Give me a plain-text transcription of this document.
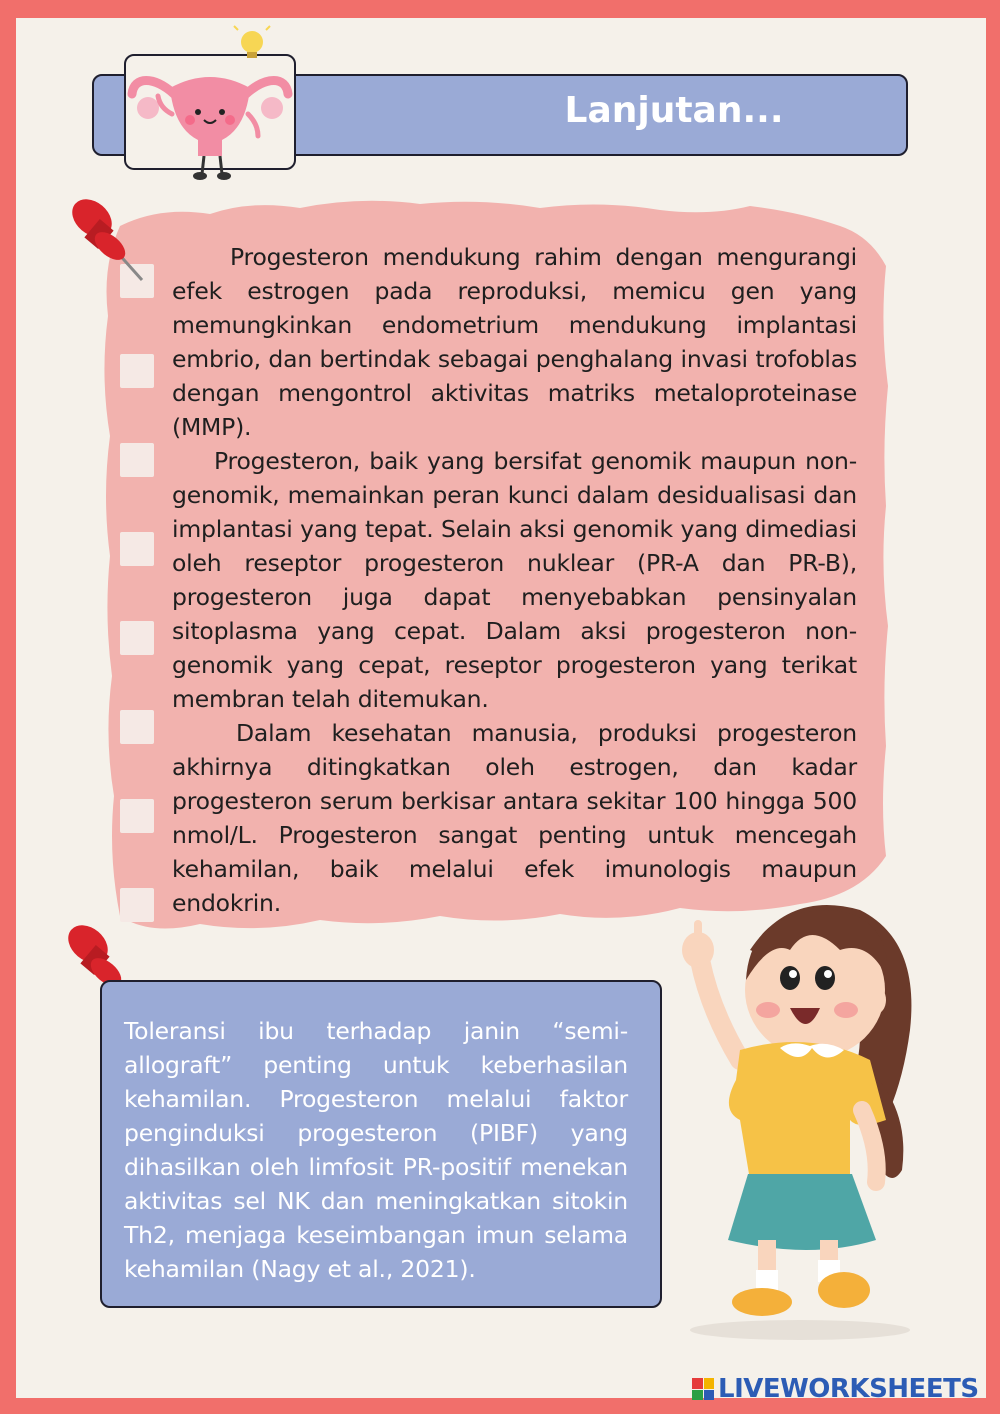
Lanjutan...

Progesteron mendukung rahim dengan mengurangi efek estrogen pada reproduksi, memicu gen yang memungkinkan endometrium mendukung implantasi embrio, dan bertindak sebagai penghalang invasi trofoblas dengan mengontrol aktivitas matriks metaloproteinase (MMP).

Progesteron, baik yang bersifat genomik maupun non-genomik, memainkan peran kunci dalam desidualisasi dan implantasi yang tepat. Selain aksi genomik yang dimediasi oleh reseptor progesteron nuklear (PR-A dan PR-B), progesteron juga dapat menyebabkan pensinyalan sitoplasma yang cepat. Dalam aksi progesteron non-genomik yang cepat, reseptor progesteron yang terikat membran telah ditemukan.

Dalam kesehatan manusia, produksi progesteron akhirnya ditingkatkan oleh estrogen, dan kadar progesteron serum berkisar antara sekitar 100 hingga 500 nmol/L. Progesteron sangat penting untuk mencegah kehamilan, baik melalui efek imunologis maupun endokrin.

Toleransi ibu terhadap janin “semi-allograft” penting untuk keberhasilan kehamilan. Progesteron melalui faktor penginduksi progesteron (PIBF) yang dihasilkan oleh limfosit PR-positif menekan aktivitas sel NK dan meningkatkan sitokin Th2, menjaga keseimbangan imun selama kehamilan (Nagy et al., 2021).
LIVEWORKSHEETS
